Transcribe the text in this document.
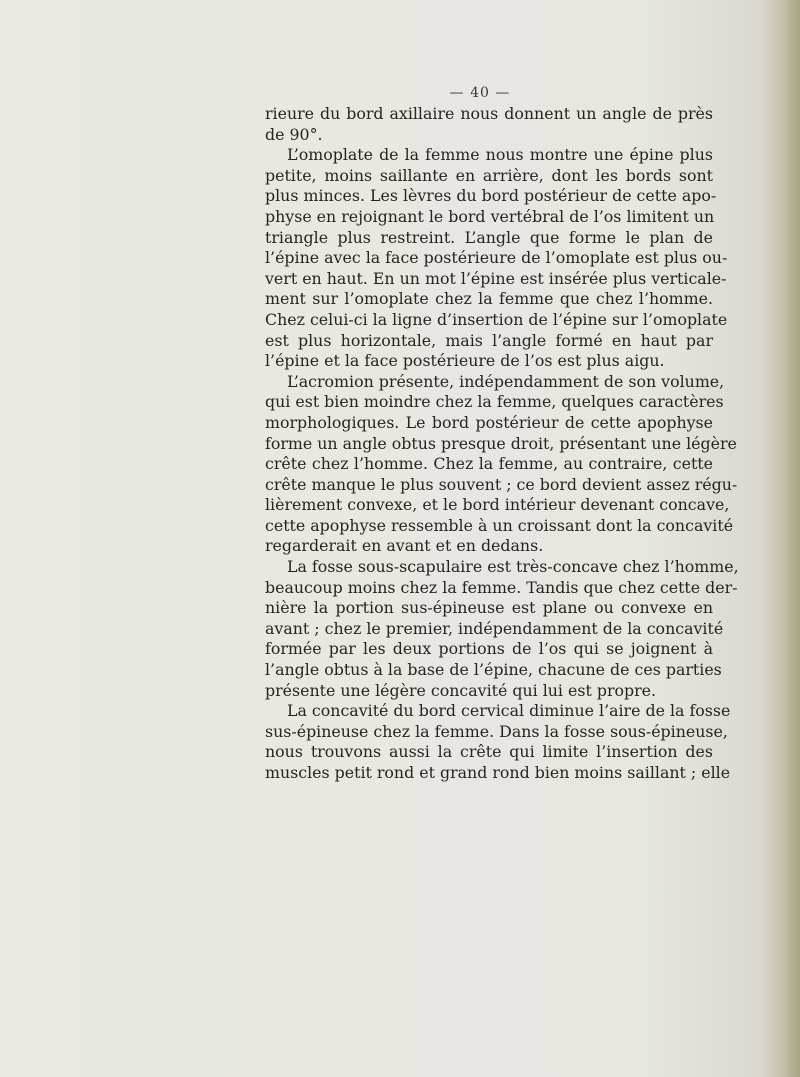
— 40 —
rieure du bord axillaire nous donnent un angle de près
de 90°.
L’omoplate de la femme nous montre une épine plus
petite, moins saillante en arrière, dont les bords sont
plus minces. Les lèvres du bord postérieur de cette apo-
physe en rejoignant le bord vertébral de l’os limitent un
triangle plus restreint. L’angle que forme le plan de
l’épine avec la face postérieure de l’omoplate est plus ou-
vert en haut. En un mot l’épine est insérée plus verticale-
ment sur l’omoplate chez la femme que chez l’homme.
Chez celui-ci la ligne d’insertion de l’épine sur l’omoplate
est plus horizontale, mais l’angle formé en haut par
l’épine et la face postérieure de l’os est plus aigu.
L’acromion présente, indépendamment de son volume,
qui est bien moindre chez la femme, quelques caractères
morphologiques. Le bord postérieur de cette apophyse
forme un angle obtus presque droit, présentant une légère
crête chez l’homme. Chez la femme, au contraire, cette
crête manque le plus souvent ; ce bord devient assez régu-
lièrement convexe, et le bord intérieur devenant concave,
cette apophyse ressemble à un croissant dont la concavité
regarderait en avant et en dedans.
La fosse sous-scapulaire est très-concave chez l’homme,
beaucoup moins chez la femme. Tandis que chez cette der-
nière la portion sus-épineuse est plane ou convexe en
avant ; chez le premier, indépendamment de la concavité
formée par les deux portions de l’os qui se joignent à
l’angle obtus à la base de l’épine, chacune de ces parties
présente une légère concavité qui lui est propre.
La concavité du bord cervical diminue l’aire de la fosse
sus-épineuse chez la femme. Dans la fosse sous-épineuse,
nous trouvons aussi la crête qui limite l’insertion des
muscles petit rond et grand rond bien moins saillant ; elle
